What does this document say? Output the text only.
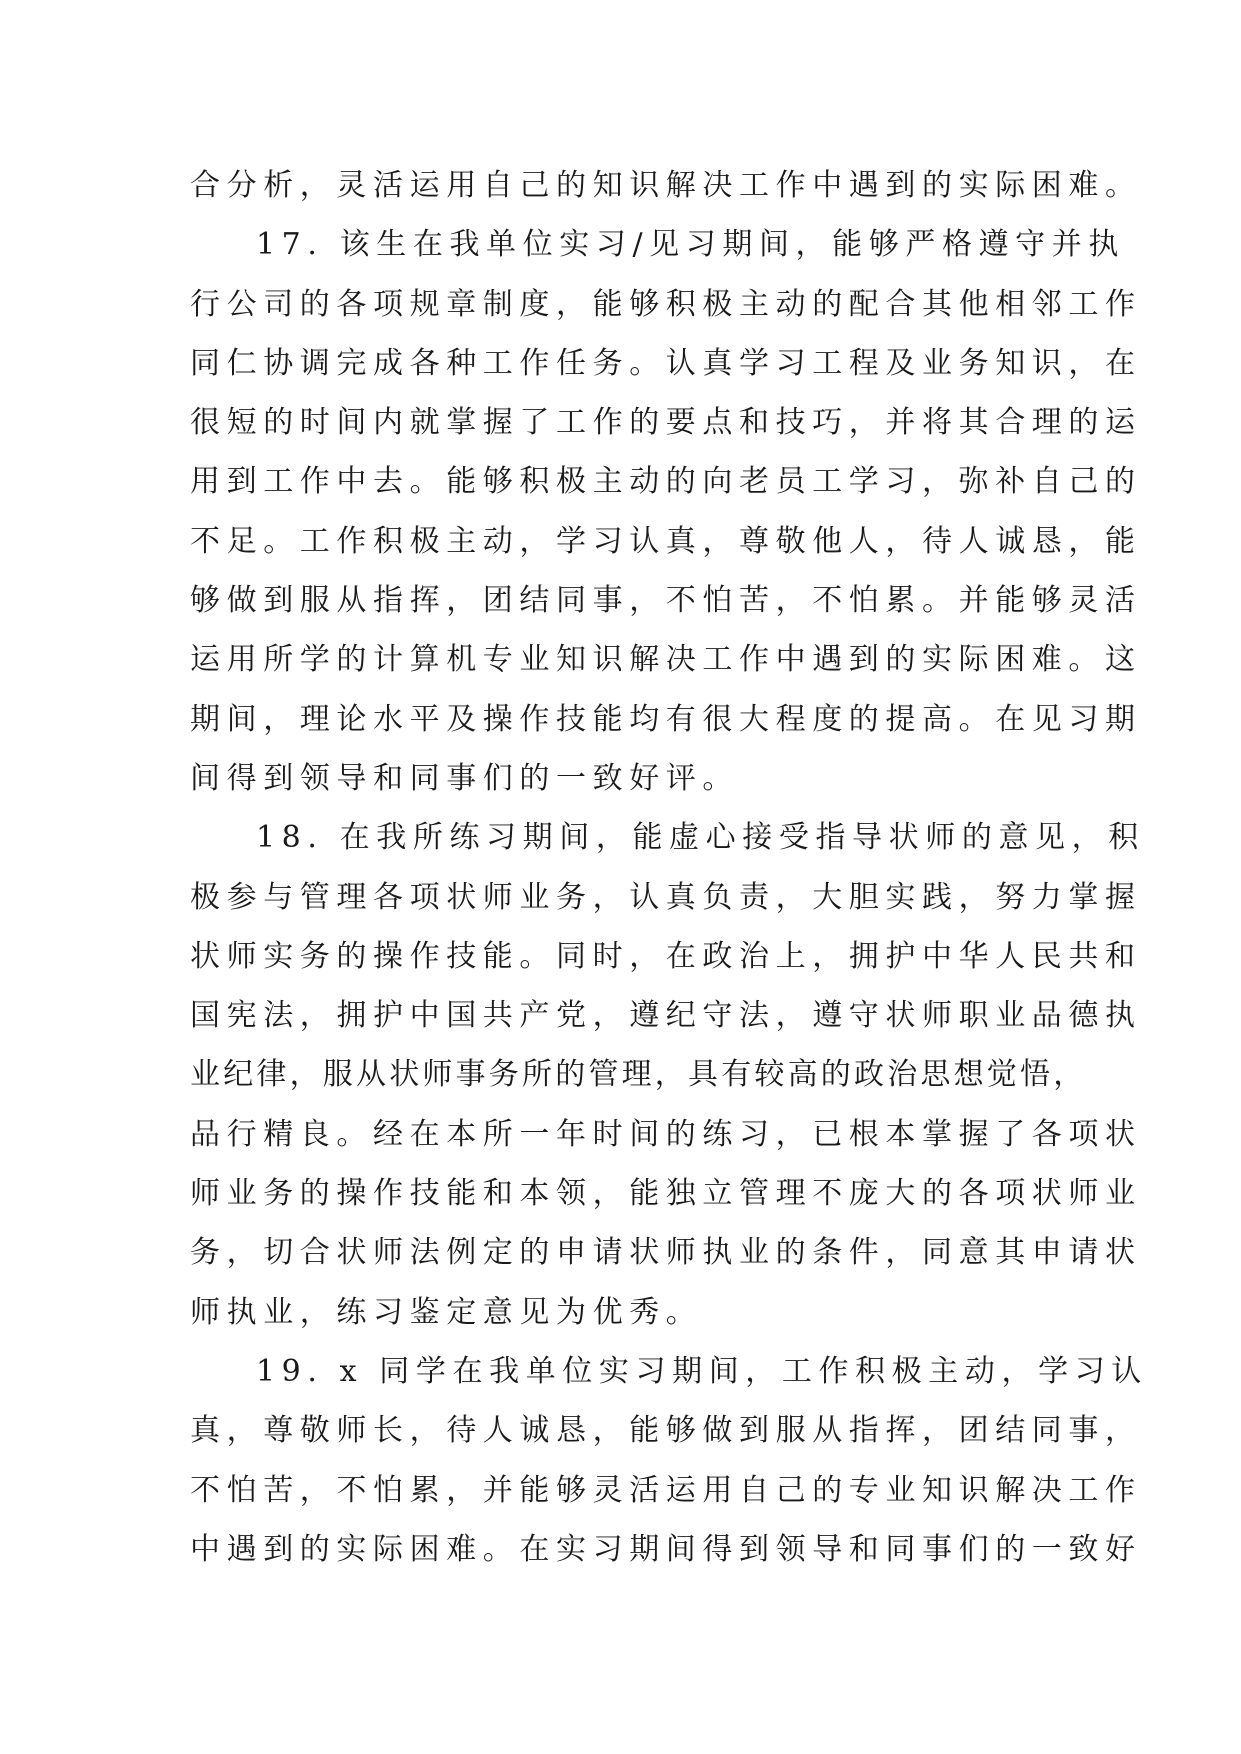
合分析，灵活运用自己的知识解决工作中遇到的实际困难。
17. 该生在我单位实习/见习期间，能够严格遵守并执
行公司的各项规章制度，能够积极主动的配合其他相邻工作
同仁协调完成各种工作任务。认真学习工程及业务知识，在
很短的时间内就掌握了工作的要点和技巧，并将其合理的运
用到工作中去。能够积极主动的向老员工学习，弥补自己的
不足。工作积极主动，学习认真，尊敬他人，待人诚恳，能
够做到服从指挥，团结同事，不怕苦，不怕累。并能够灵活
运用所学的计算机专业知识解决工作中遇到的实际困难。这
期间，理论水平及操作技能均有很大程度的提高。在见习期
间得到领导和同事们的一致好评。
18. 在我所练习期间，能虚心接受指导状师的意见，积
极参与管理各项状师业务，认真负责，大胆实践，努力掌握
状师实务的操作技能。同时，在政治上，拥护中华人民共和
国宪法，拥护中国共产党，遵纪守法，遵守状师职业品德执
业纪律，服从状师事务所的管理，具有较高的政治思想觉悟，
品行精良。经在本所一年时间的练习，已根本掌握了各项状
师业务的操作技能和本领，能独立管理不庞大的各项状师业
务，切合状师法例定的申请状师执业的条件，同意其申请状
师执业，练习鉴定意见为优秀。
19. x 同学在我单位实习期间，工作积极主动，学习认
真，尊敬师长，待人诚恳，能够做到服从指挥，团结同事，
不怕苦，不怕累，并能够灵活运用自己的专业知识解决工作
中遇到的实际困难。在实习期间得到领导和同事们的一致好
